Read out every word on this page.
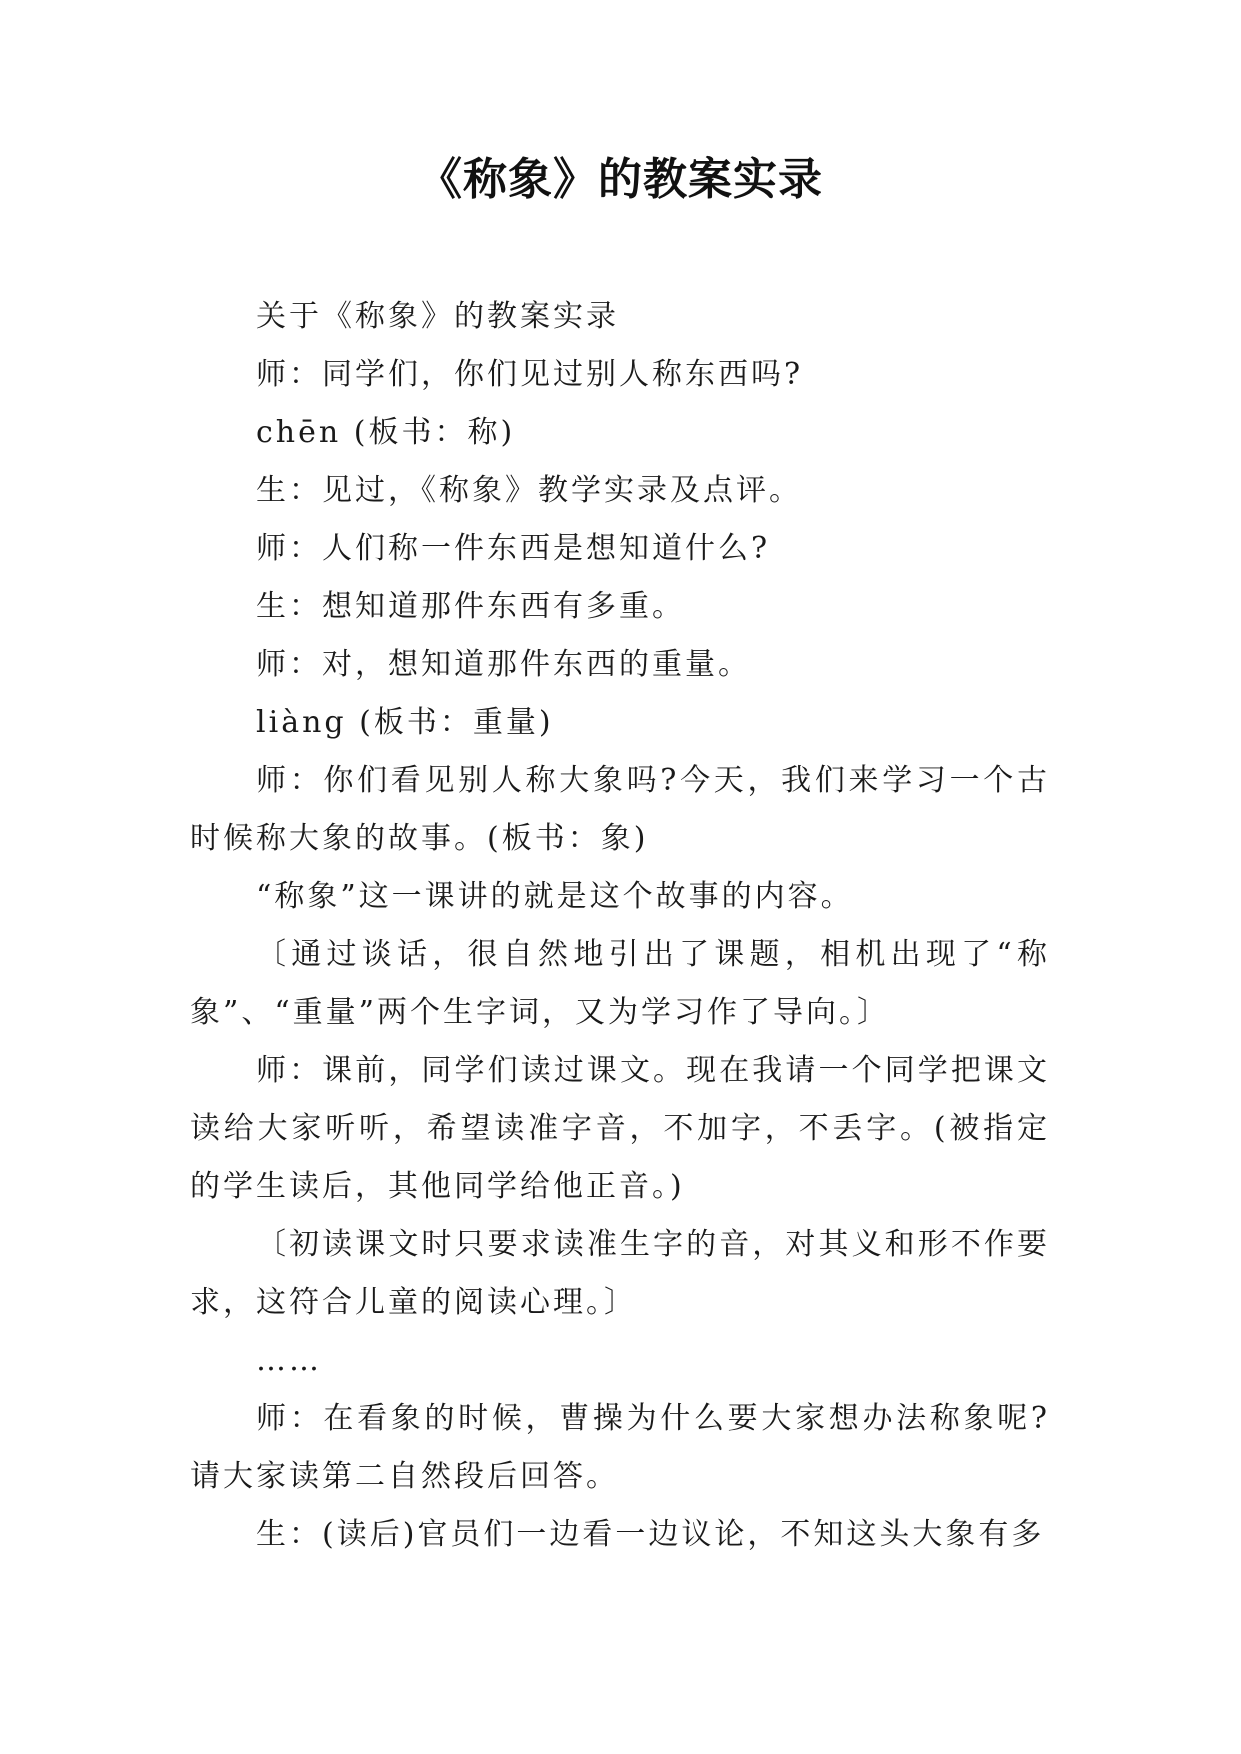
《称象》的教案实录

关于《称象》的教案实录

师：同学们，你们见过别人称东西吗?

chēn (板书：称)

生：见过，《称象》教学实录及点评。

师：人们称一件东西是想知道什么?

生：想知道那件东西有多重。

师：对，想知道那件东西的重量。

liàng (板书：重量)

师：你们看见别人称大象吗?今天，我们来学习一个古时候称大象的故事。(板书：象)

“称象”这一课讲的就是这个故事的内容。

〔通过谈话，很自然地引出了课题，相机出现了“称象”、“重量”两个生字词，又为学习作了导向。〕

师：课前，同学们读过课文。现在我请一个同学把课文读给大家听听，希望读准字音，不加字，不丢字。(被指定的学生读后，其他同学给他正音。)

〔初读课文时只要求读准生字的音，对其义和形不作要求，这符合儿童的阅读心理。〕

……

师：在看象的时候，曹操为什么要大家想办法称象呢?请大家读第二自然段后回答。

生：(读后)官员们一边看一边议论，不知这头大象有多
